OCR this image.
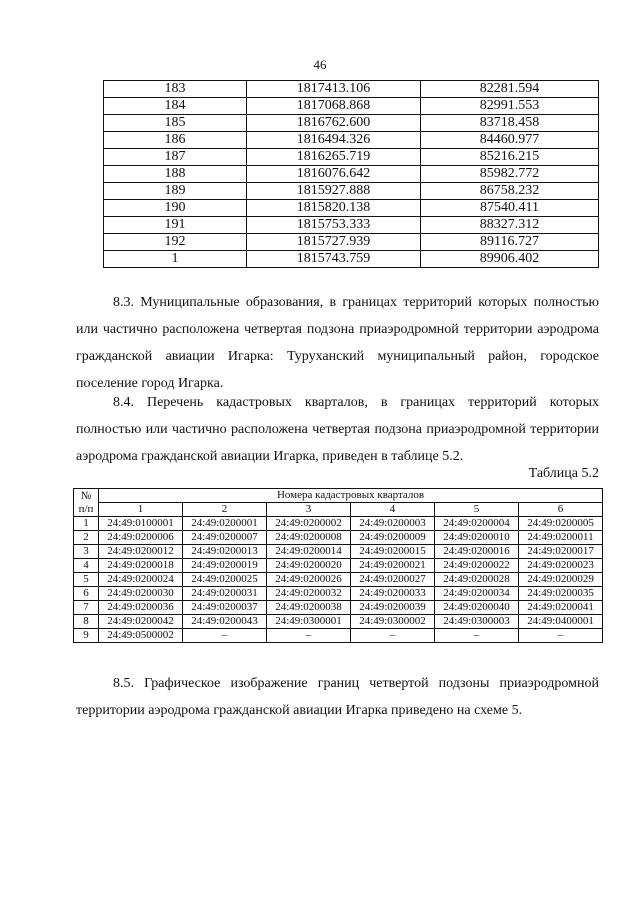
46
183	1817413.106	82281.594
184	1817068.868	82991.553
185	1816762.600	83718.458
186	1816494.326	84460.977
187	1816265.719	85216.215
188	1816076.642	85982.772
189	1815927.888	86758.232
190	1815820.138	87540.411
191	1815753.333	88327.312
192	1815727.939	89116.727
1	1815743.759	89906.402

8.3. Муниципальные образования, в границах территорий которых полностью или частично расположена четвертая подзона приаэродромной территории аэродрома гражданской авиации Игарка: Туруханский муниципальный район, городское поселение город Игарка.

8.4. Перечень кадастровых кварталов, в границах территорий которых полностью или частично расположена четвертая подзона приаэродромной территории аэродрома гражданской авиации Игарка, приведен в таблице 5.2.

Таблица 5.2
№
п/п	Номера кадастровых кварталов					
	1	2	3	4	5	6
1	24:49:0100001	24:49:0200001	24:49:0200002	24:49:0200003	24:49:0200004	24:49:0200005
2	24:49:0200006	24:49:0200007	24:49:0200008	24:49:0200009	24:49:0200010	24:49:0200011
3	24:49:0200012	24:49:0200013	24:49:0200014	24:49:0200015	24:49:0200016	24:49:0200017
4	24:49:0200018	24:49:0200019	24:49:0200020	24:49:0200021	24:49:0200022	24:49:0200023
5	24:49:0200024	24:49:0200025	24:49:0200026	24:49:0200027	24:49:0200028	24:49:0200029
6	24:49:0200030	24:49:0200031	24:49:0200032	24:49:0200033	24:49:0200034	24:49:0200035
7	24:49:0200036	24:49:0200037	24:49:0200038	24:49:0200039	24:49:0200040	24:49:0200041
8	24:49:0200042	24:49:0200043	24:49:0300001	24:49:0300002	24:49:0300003	24:49:0400001
9	24:49:0500002	–	–	–	–	–

8.5. Графическое изображение границ четвертой подзоны приаэродромной территории аэродрома гражданской авиации Игарка приведено на схеме 5.
